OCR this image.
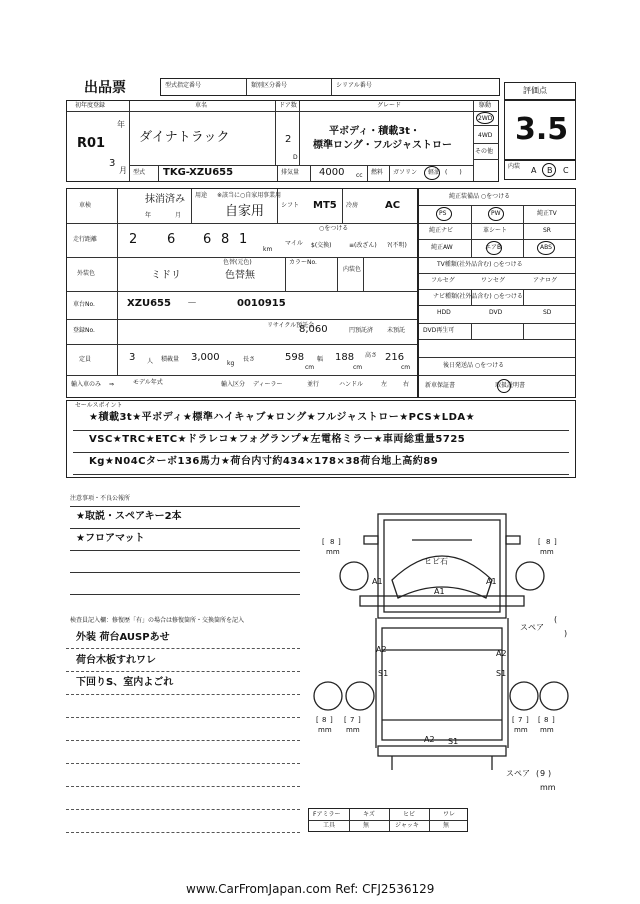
出品票	型式指定番号	類別区分番号	シリアル番号
評価点
3.5
内装 A B C
初年度登録
R01
年
3
月
車名
ダイナトラック
ドア数
2
D
グレード
平ボディ・積載3t・
標準ロング・フルジャストロー
駆動
2WD
4WD
その他
型式 TKG-XZU655	排気量 4000 cc 燃料 ガソリン 軽油 (　　)
車検
抹消済み
年	月
用途 ※該当に○自家用 事業用
自家用	シフト MT5 冷房	AC
走行距離 2 6 6 8 1
km
○をつける
マイル $(交換)	≡(改ざん) ?(不明)
外装色	ミドリ
色替(元色)
色替無
カラーNo.
内装色
車台No.	XZU655 －	0010915
登録No.
リサイクル預託金
8,060	円預託済 未預託
定員	3 人 積載量 3,000
kg
長さ	598
cm
幅 188
cm
高さ 216
cm
輸入車のみ ⇒	モデル年式	輸入区分 ディーラー	並行	ハンドル	左	右
純正装備品 ○をつける
PS	PW	純正TV
純正ナビ	革シート	SR
純正AW	エアB	ABS
TV種類(社外品含む) ○をつける
フルセグ	ワンセグ	アナログ
ナビ種類(社外品含む) ○をつける
HDD	DVD	SD
DVD再生可
後日発送品 ○をつける
新車保証書	取扱説明書
セールスポイント
★積載3t★平ボディ★標準ハイキャブ★ロング★フルジャストロー★PCS★LDA★
VSC★TRC★ETC★ドラレコ★フォグランプ★左電格ミラー★車両総重量5725
Kg★N04Cターボ136馬力★荷台内寸約434×178×38荷台地上高約89
注意事項・不良公報所
★取説・スペアキー2本
★フロアマット
検査員記入欄：修復歴「有」の場合は修復箇所・交換箇所を記入
外装 荷台AUSPあせ
荷台木板すれワレ
下回りS、室内よごれ
ヒビ石
A1	A1
A1
A2	A2
S1	S1
A2 S1
[ 8 ]
mm
[ 8 ]
mm
[ 8 ]
mm
[ 7 ]
mm
[ 7 ]
mm
[ 8 ]
mm
スペア
(
)
スペア ( 9 )
mm
Fアミラー	キズ	ヒビ	ワレ
工具	無	ジャッキ	無
www.CarFromJapan.com Ref: CFJ2536129
